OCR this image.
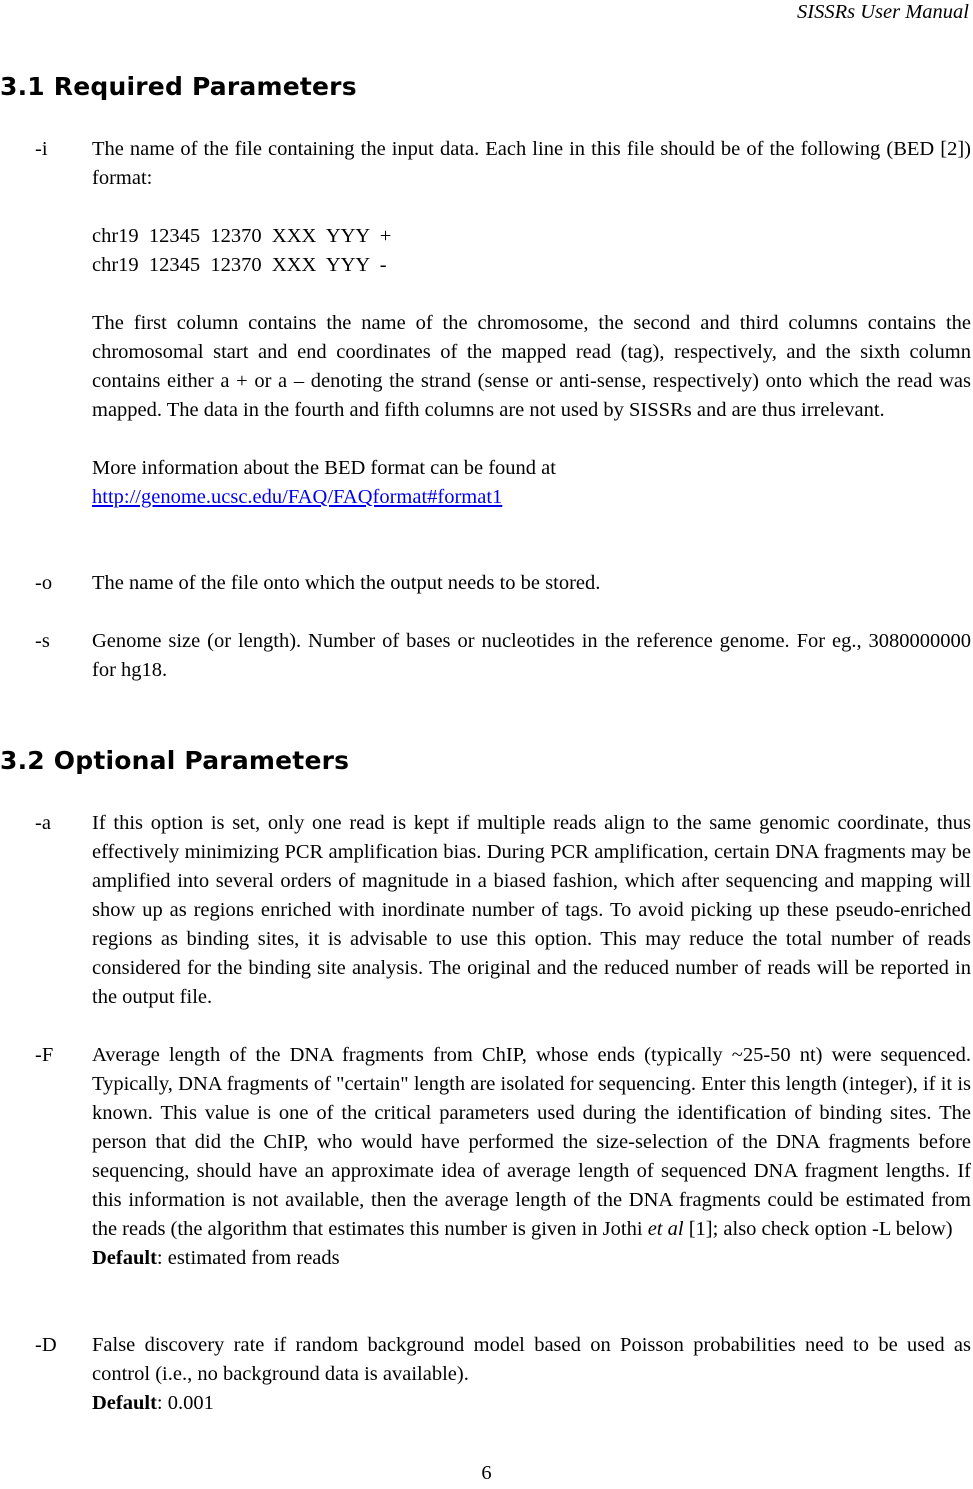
SISSRs User Manual
3.1 Required Parameters
-i The name of the file containing the input data. Each line in this file should be of the following (BED [2]) format:

chr19  12345  12370  XXX  YYY  +
chr19  12345  12370  XXX  YYY  -

The first column contains the name of the chromosome, the second and third columns contains the chromosomal start and end coordinates of the mapped read (tag), respectively, and the sixth column contains either a + or a – denoting the strand (sense or anti-sense, respectively) onto which the read was mapped. The data in the fourth and fifth columns are not used by SISSRs and are thus irrelevant.

More information about the BED format can be found at

http://genome.ucsc.edu/FAQ/FAQformat#format1

-o The name of the file onto which the output needs to be stored.

-s Genome size (or length). Number of bases or nucleotides in the reference genome. For eg., 3080000000 for hg18.

3.2 Optional Parameters
-a If this option is set, only one read is kept if multiple reads align to the same genomic coordinate, thus effectively minimizing PCR amplification bias. During PCR amplification, certain DNA fragments may be amplified into several orders of magnitude in a biased fashion, which after sequencing and mapping will show up as regions enriched with inordinate number of tags. To avoid picking up these pseudo-enriched regions as binding sites, it is advisable to use this option. This may reduce the total number of reads considered for the binding site analysis. The original and the reduced number of reads will be reported in the output file.

-F Average length of the DNA fragments from ChIP, whose ends (typically ~25-50 nt) were sequenced. Typically, DNA fragments of "certain" length are isolated for sequencing. Enter this length (integer), if it is known. This value is one of the critical parameters used during the identification of binding sites. The person that did the ChIP, who would have performed the size-selection of the DNA fragments before sequencing, should have an approximate idea of average length of sequenced DNA fragment lengths. If this information is not available, then the average length of the DNA fragments could be estimated from the reads (the algorithm that estimates this number is given in Jothi et al [1]; also check option -L below)

Default: estimated from reads

-D False discovery rate if random background model based on Poisson probabilities need to be used as control (i.e., no background data is available).

Default: 0.001

6
